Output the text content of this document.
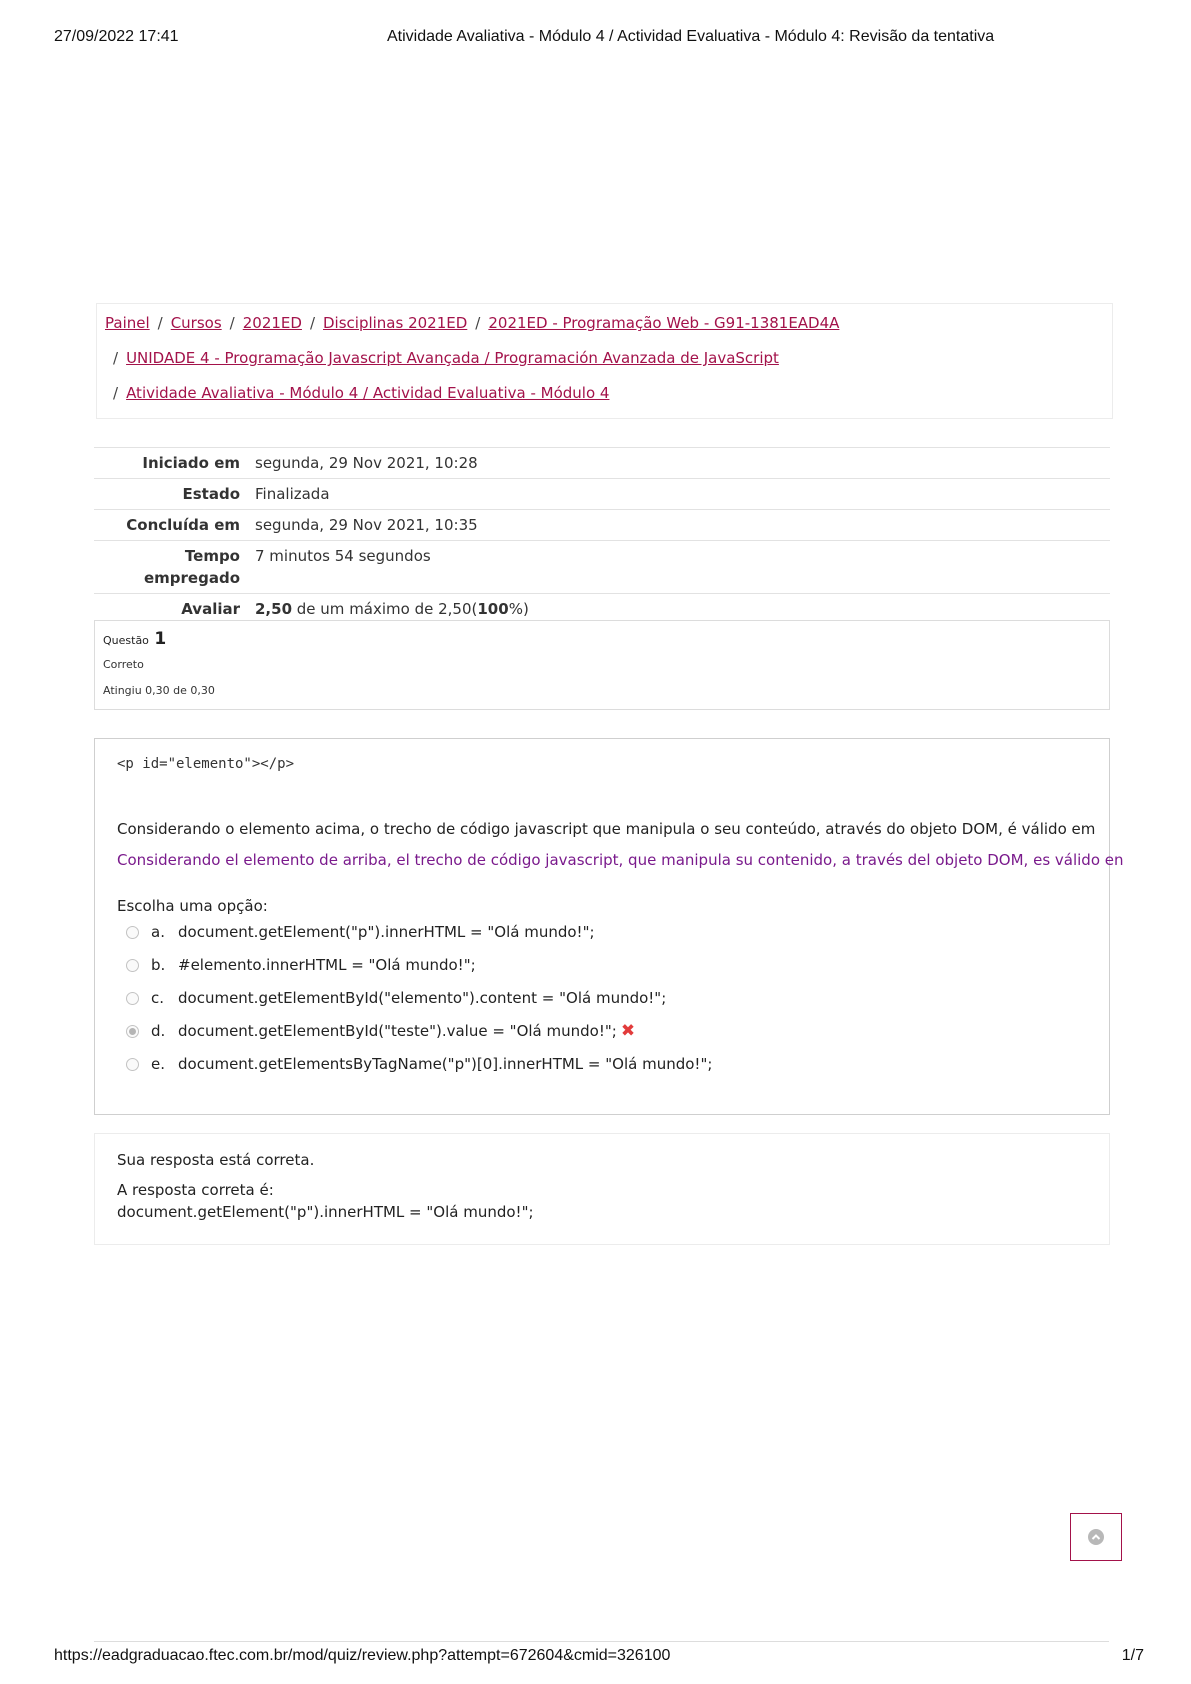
27/09/2022 17:41	Atividade Avaliativa - Módulo 4 / Actividad Evaluativa - Módulo 4: Revisão da tentativa
Painel / Cursos / 2021ED / Disciplinas 2021ED / 2021ED - Programação Web - G91-1381EAD4A
/ UNIDADE 4 - Programação Javascript Avançada / Programación Avanzada de JavaScript
/ Atividade Avaliativa - Módulo 4 / Actividad Evaluativa - Módulo 4
Iniciado em	segunda, 29 Nov 2021, 10:28
Estado	Finalizada
Concluída em	segunda, 29 Nov 2021, 10:35
Tempo empregado	7 minutos 54 segundos
Avaliar	2,50 de um máximo de 2,50(100%)
Questão 1
Correto
Atingiu 0,30 de 0,30
<p id="elemento"></p>
Considerando o elemento acima, o trecho de código javascript que manipula o seu conteúdo, através do objeto DOM, é válido em
Considerando el elemento de arriba, el trecho de código javascript, que manipula su contenido, a través del objeto DOM, es válido en
Escolha uma opção:
a. document.getElement("p").innerHTML = "Olá mundo!";
b. #elemento.innerHTML = "Olá mundo!";
c. document.getElementById("elemento").content = "Olá mundo!";
d. document.getElementById("teste").value = "Olá mundo!"; ✖
e. document.getElementsByTagName("p")[0].innerHTML = "Olá mundo!";
Sua resposta está correta.
A resposta correta é:
document.getElement("p").innerHTML = "Olá mundo!";
https://eadgraduacao.ftec.com.br/mod/quiz/review.php?attempt=672604&cmid=326100	1/7
